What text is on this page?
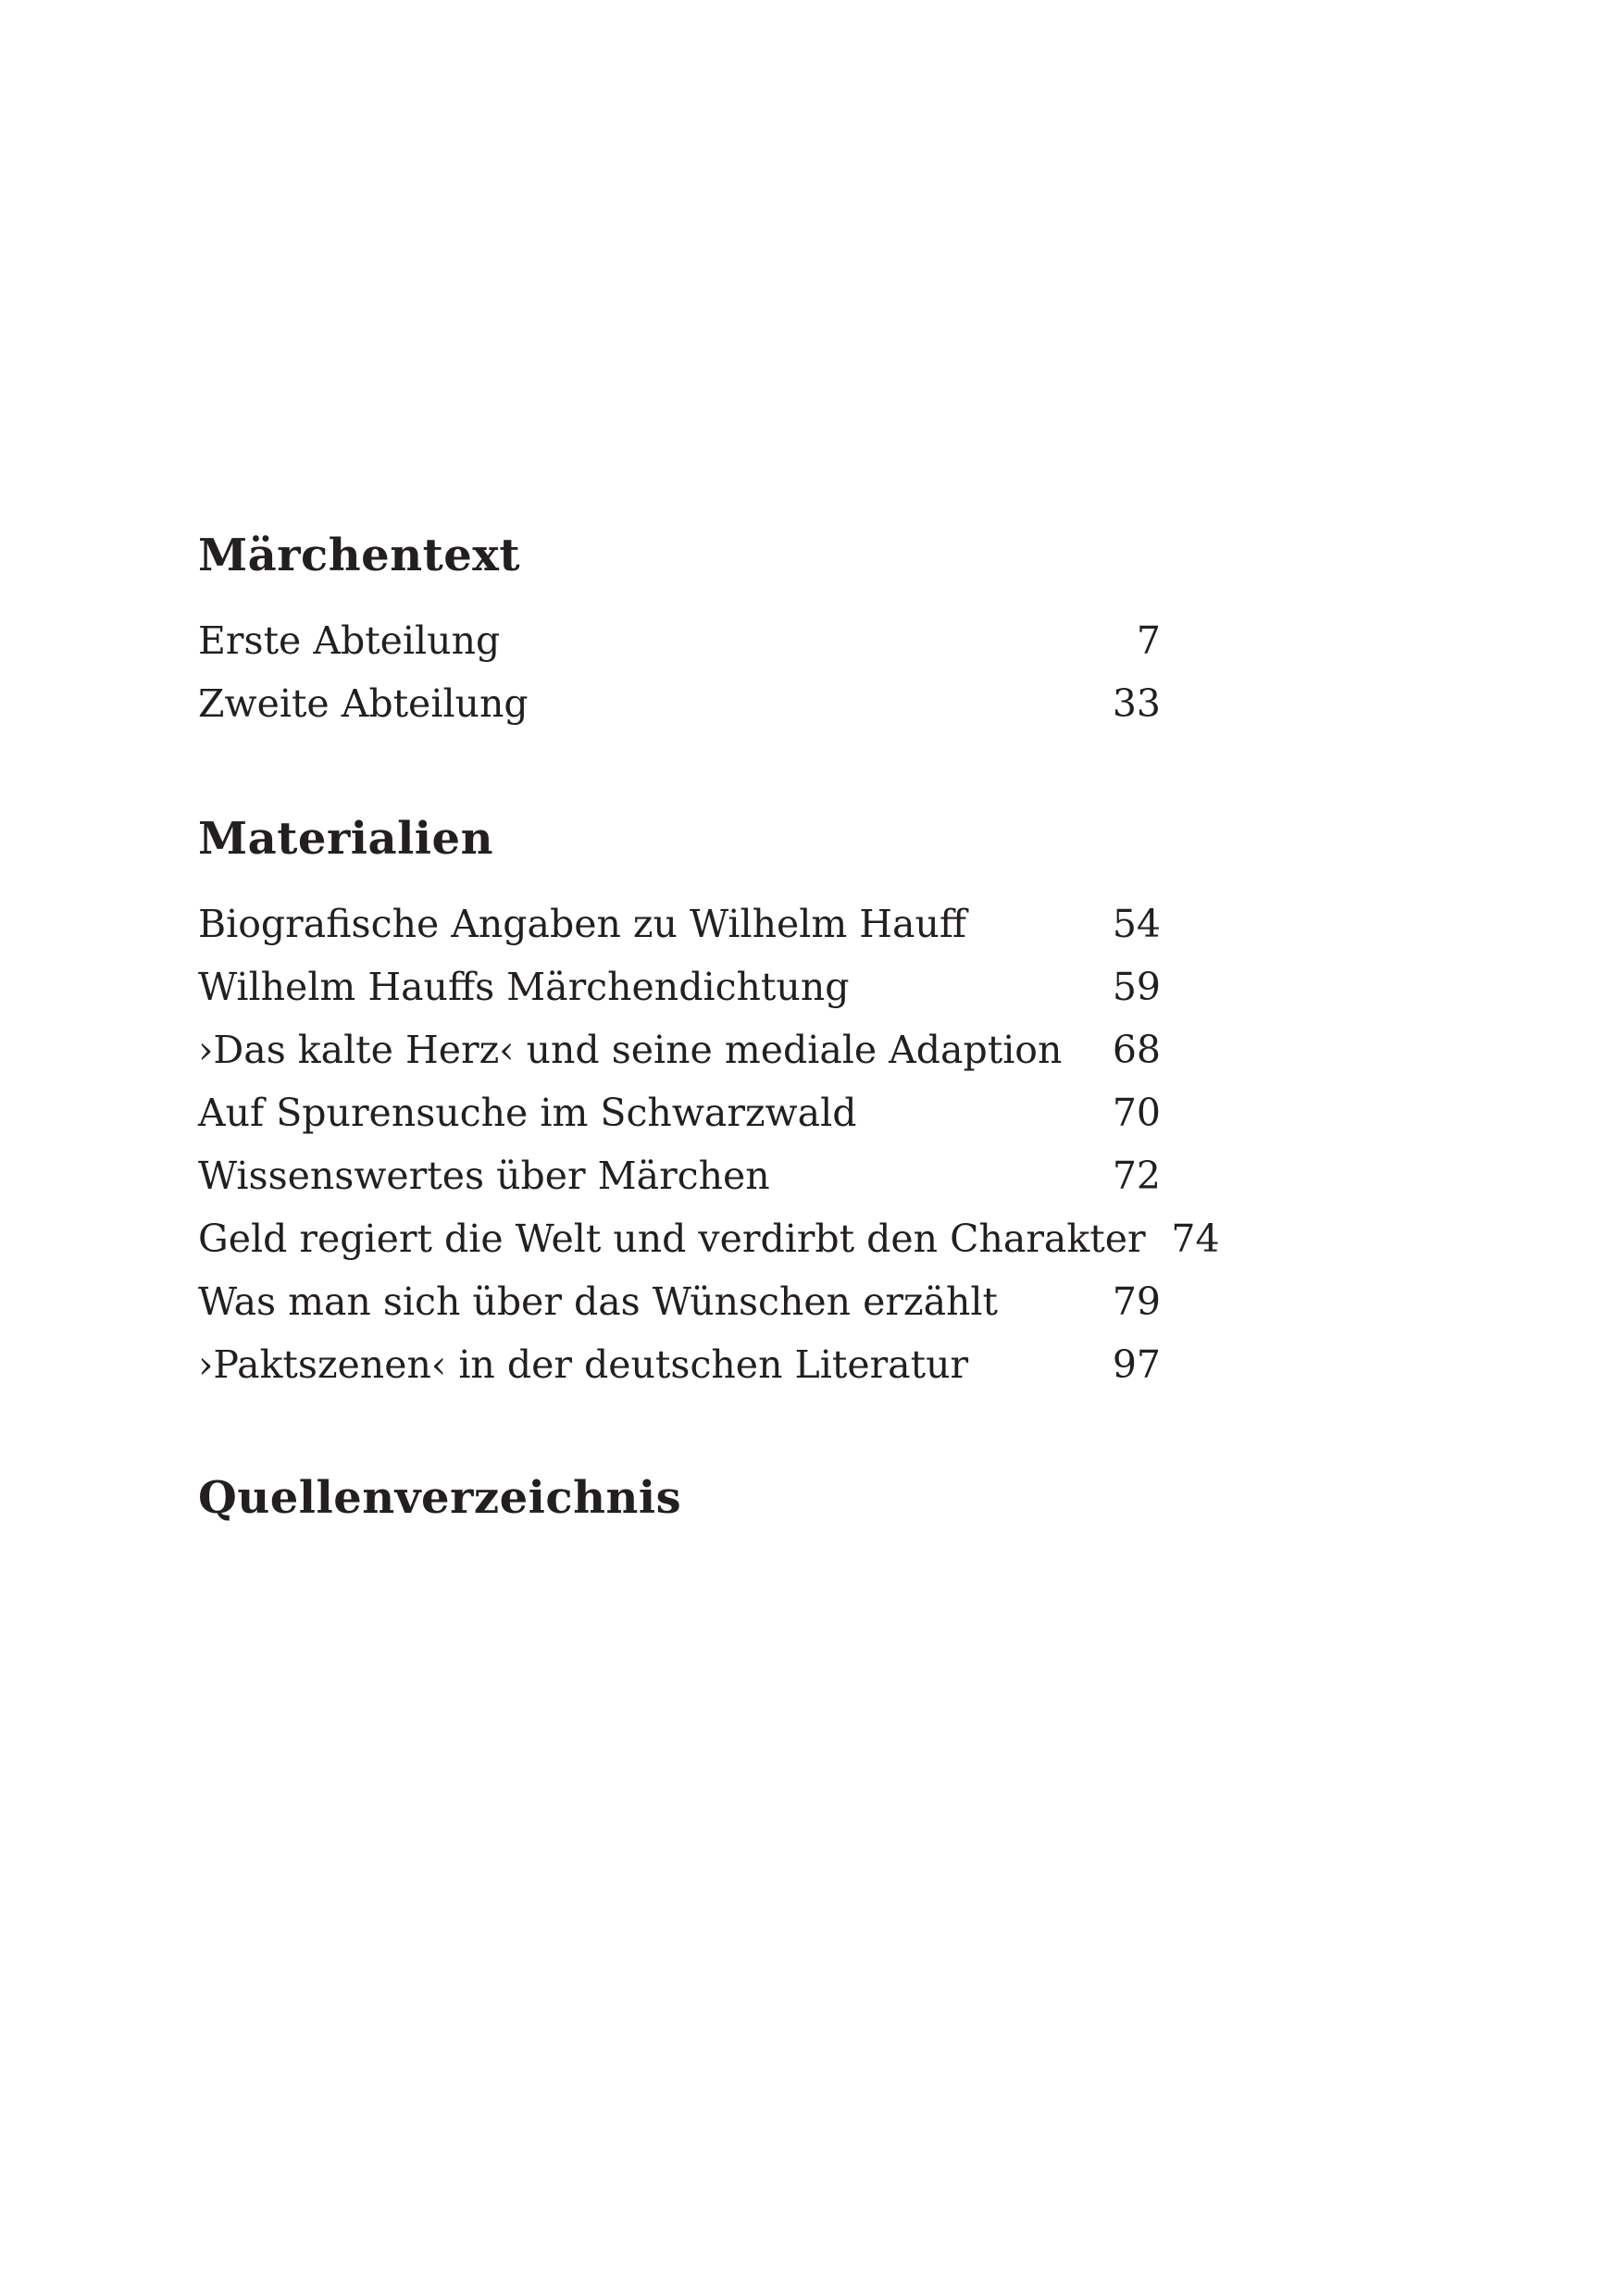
Märchentext
Erste Abteilung	7
Zweite Abteilung	33
Materialien
Biografische Angaben zu Wilhelm Hauff	54
Wilhelm Hauffs Märchendichtung	59
›Das kalte Herz‹ und seine mediale Adaption	68
Auf Spurensuche im Schwarzwald	70
Wissenswertes über Märchen	72
Geld regiert die Welt und verdirbt den Charakter 74
Was man sich über das Wünschen erzählt	79
›Paktszenen‹ in der deutschen Literatur	97
Quellenverzeichnis
